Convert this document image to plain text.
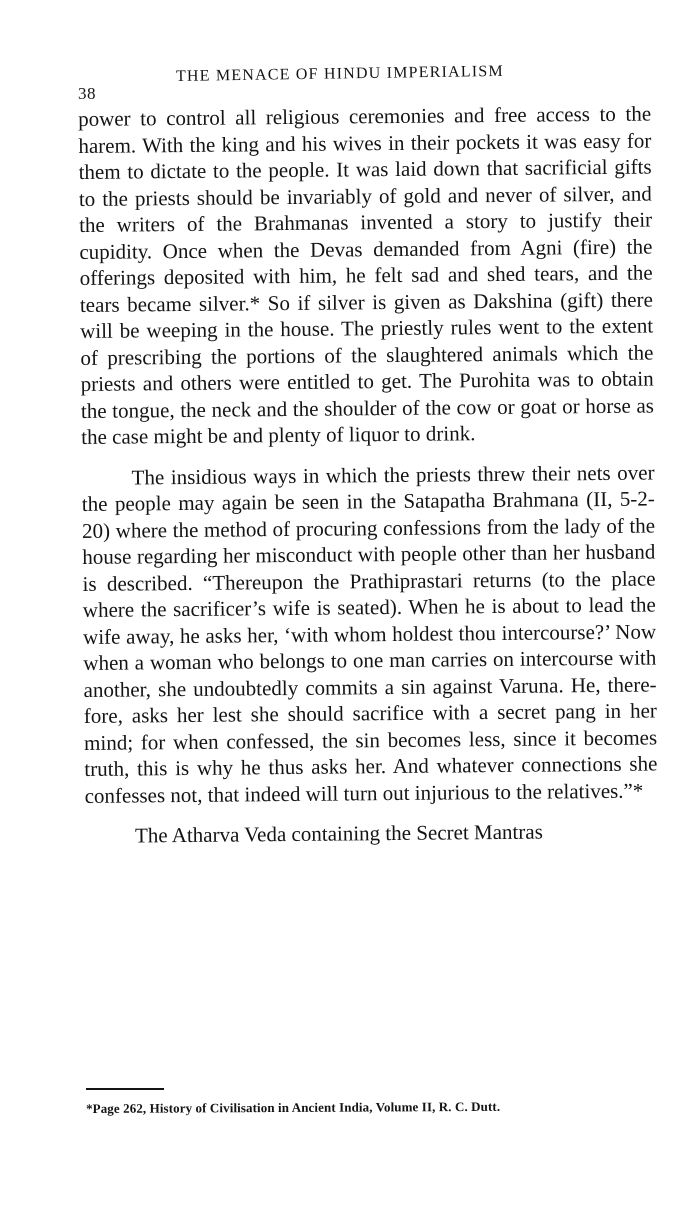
38
THE MENACE OF HINDU IMPERIALISM

power to control all religious ceremonies and free access to the harem. With the king and his wives in their pockets it was easy for them to dictate to the people. It was laid down that sacrificial gifts to the priests should be invariably of gold and never of silver, and the writers of the Brahmanas invented a story to justify their cupidity. Once when the Devas demanded from Agni (fire) the offerings deposited with him, he felt sad and shed tears, and the tears became silver.* So if silver is given as Dakshina (gift) there will be weeping in the house. The priestly rules went to the extent of prescribing the portions of the slaughtered animals which the priests and others were entitled to get. The Purohita was to obtain the tongue, the neck and the shoulder of the cow or goat or horse as the case might be and plenty of liquor to drink.

The insidious ways in which the priests threw their nets over the people may again be seen in the Satapatha Brahmana (II, 5-2-20) where the method of procuring confessions from the lady of the house regarding her misconduct with people other than her husband is described. “Thereupon the Prathiprastari returns (to the place where the sacrificer’s wife is seated). When he is about to lead the wife away, he asks her, ‘with whom holdest thou intercourse?’ Now when a woman who belongs to one man carries on intercourse with another, she undoubtedly commits a sin against Varuna. He, therefore, asks her lest she should sacrifice with a secret pang in her mind; for when confessed, the sin becomes less, since it becomes truth, this is why he thus asks her. And whatever connections she confesses not, that indeed will turn out injurious to the relatives.”*

The Atharva Veda containing the Secret Mantras

*Page 262, History of Civilisation in Ancient India, Volume II, R. C. Dutt.
